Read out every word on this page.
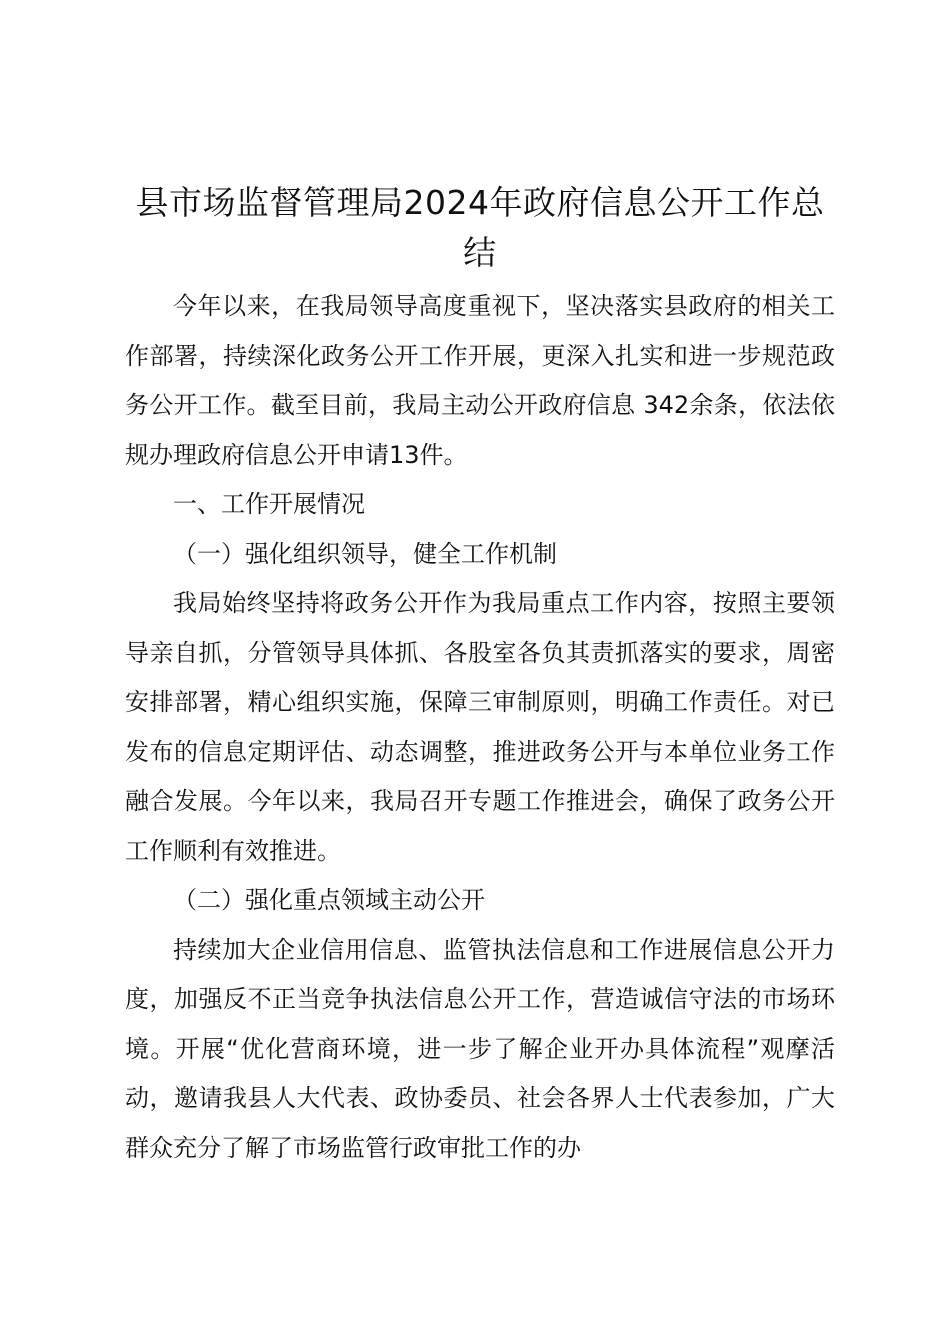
县市场监督管理局2024年政府信息公开工作总结

今年以来，在我局领导高度重视下，坚决落实县政府的相关工作部署，持续深化政务公开工作开展，更深入扎实和进一步规范政务公开工作。截至目前，我局主动公开政府信息 342余条，依法依规办理政府信息公开申请13件。

一、工作开展情况

（一）强化组织领导，健全工作机制

我局始终坚持将政务公开作为我局重点工作内容，按照主要领导亲自抓，分管领导具体抓、各股室各负其责抓落实的要求，周密安排部署，精心组织实施，保障三审制原则，明确工作责任。对已发布的信息定期评估、动态调整，推进政务公开与本单位业务工作融合发展。今年以来，我局召开专题工作推进会，确保了政务公开工作顺利有效推进。

（二）强化重点领域主动公开

持续加大企业信用信息、监管执法信息和工作进展信息公开力度，加强反不正当竞争执法信息公开工作，营造诚信守法的市场环境。开展“优化营商环境，进一步了解企业开办具体流程”观摩活动，邀请我县人大代表、政协委员、社会各界人士代表参加，广大群众充分了解了市场监管行政审批工作的办
